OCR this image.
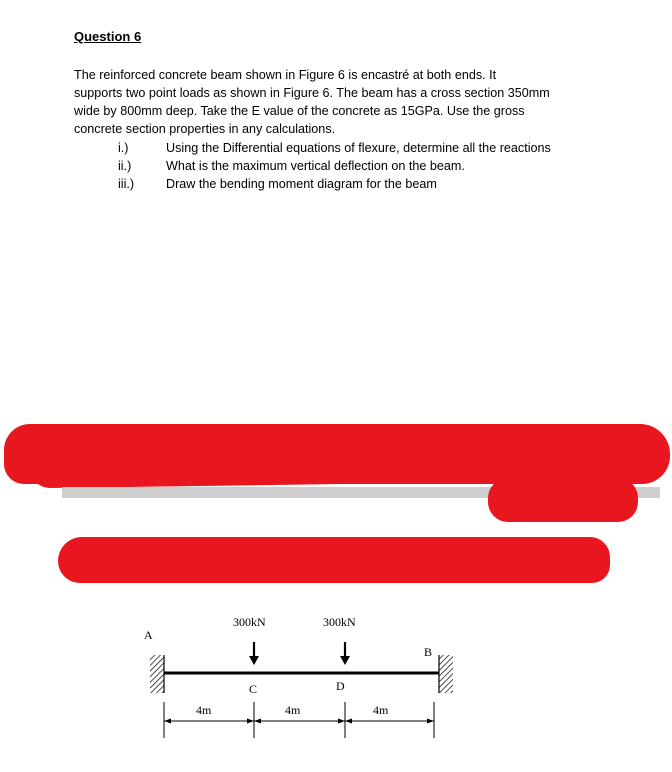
Question 6
The reinforced concrete beam shown in Figure 6 is encastré at both ends. It
supports two point loads as shown in Figure 6. The beam has a cross section 350mm
wide by 800mm deep. Take the E value of the concrete as 15GPa. Use the gross
concrete section properties in any calculations.
i.)	Using the Differential equations of flexure, determine all the reactions
ii.)	What is the maximum vertical deflection on the beam.
iii.)	Draw the bending moment diagram for the beam
A
B
300kN	300kN
C	D
4m	4m	4m
